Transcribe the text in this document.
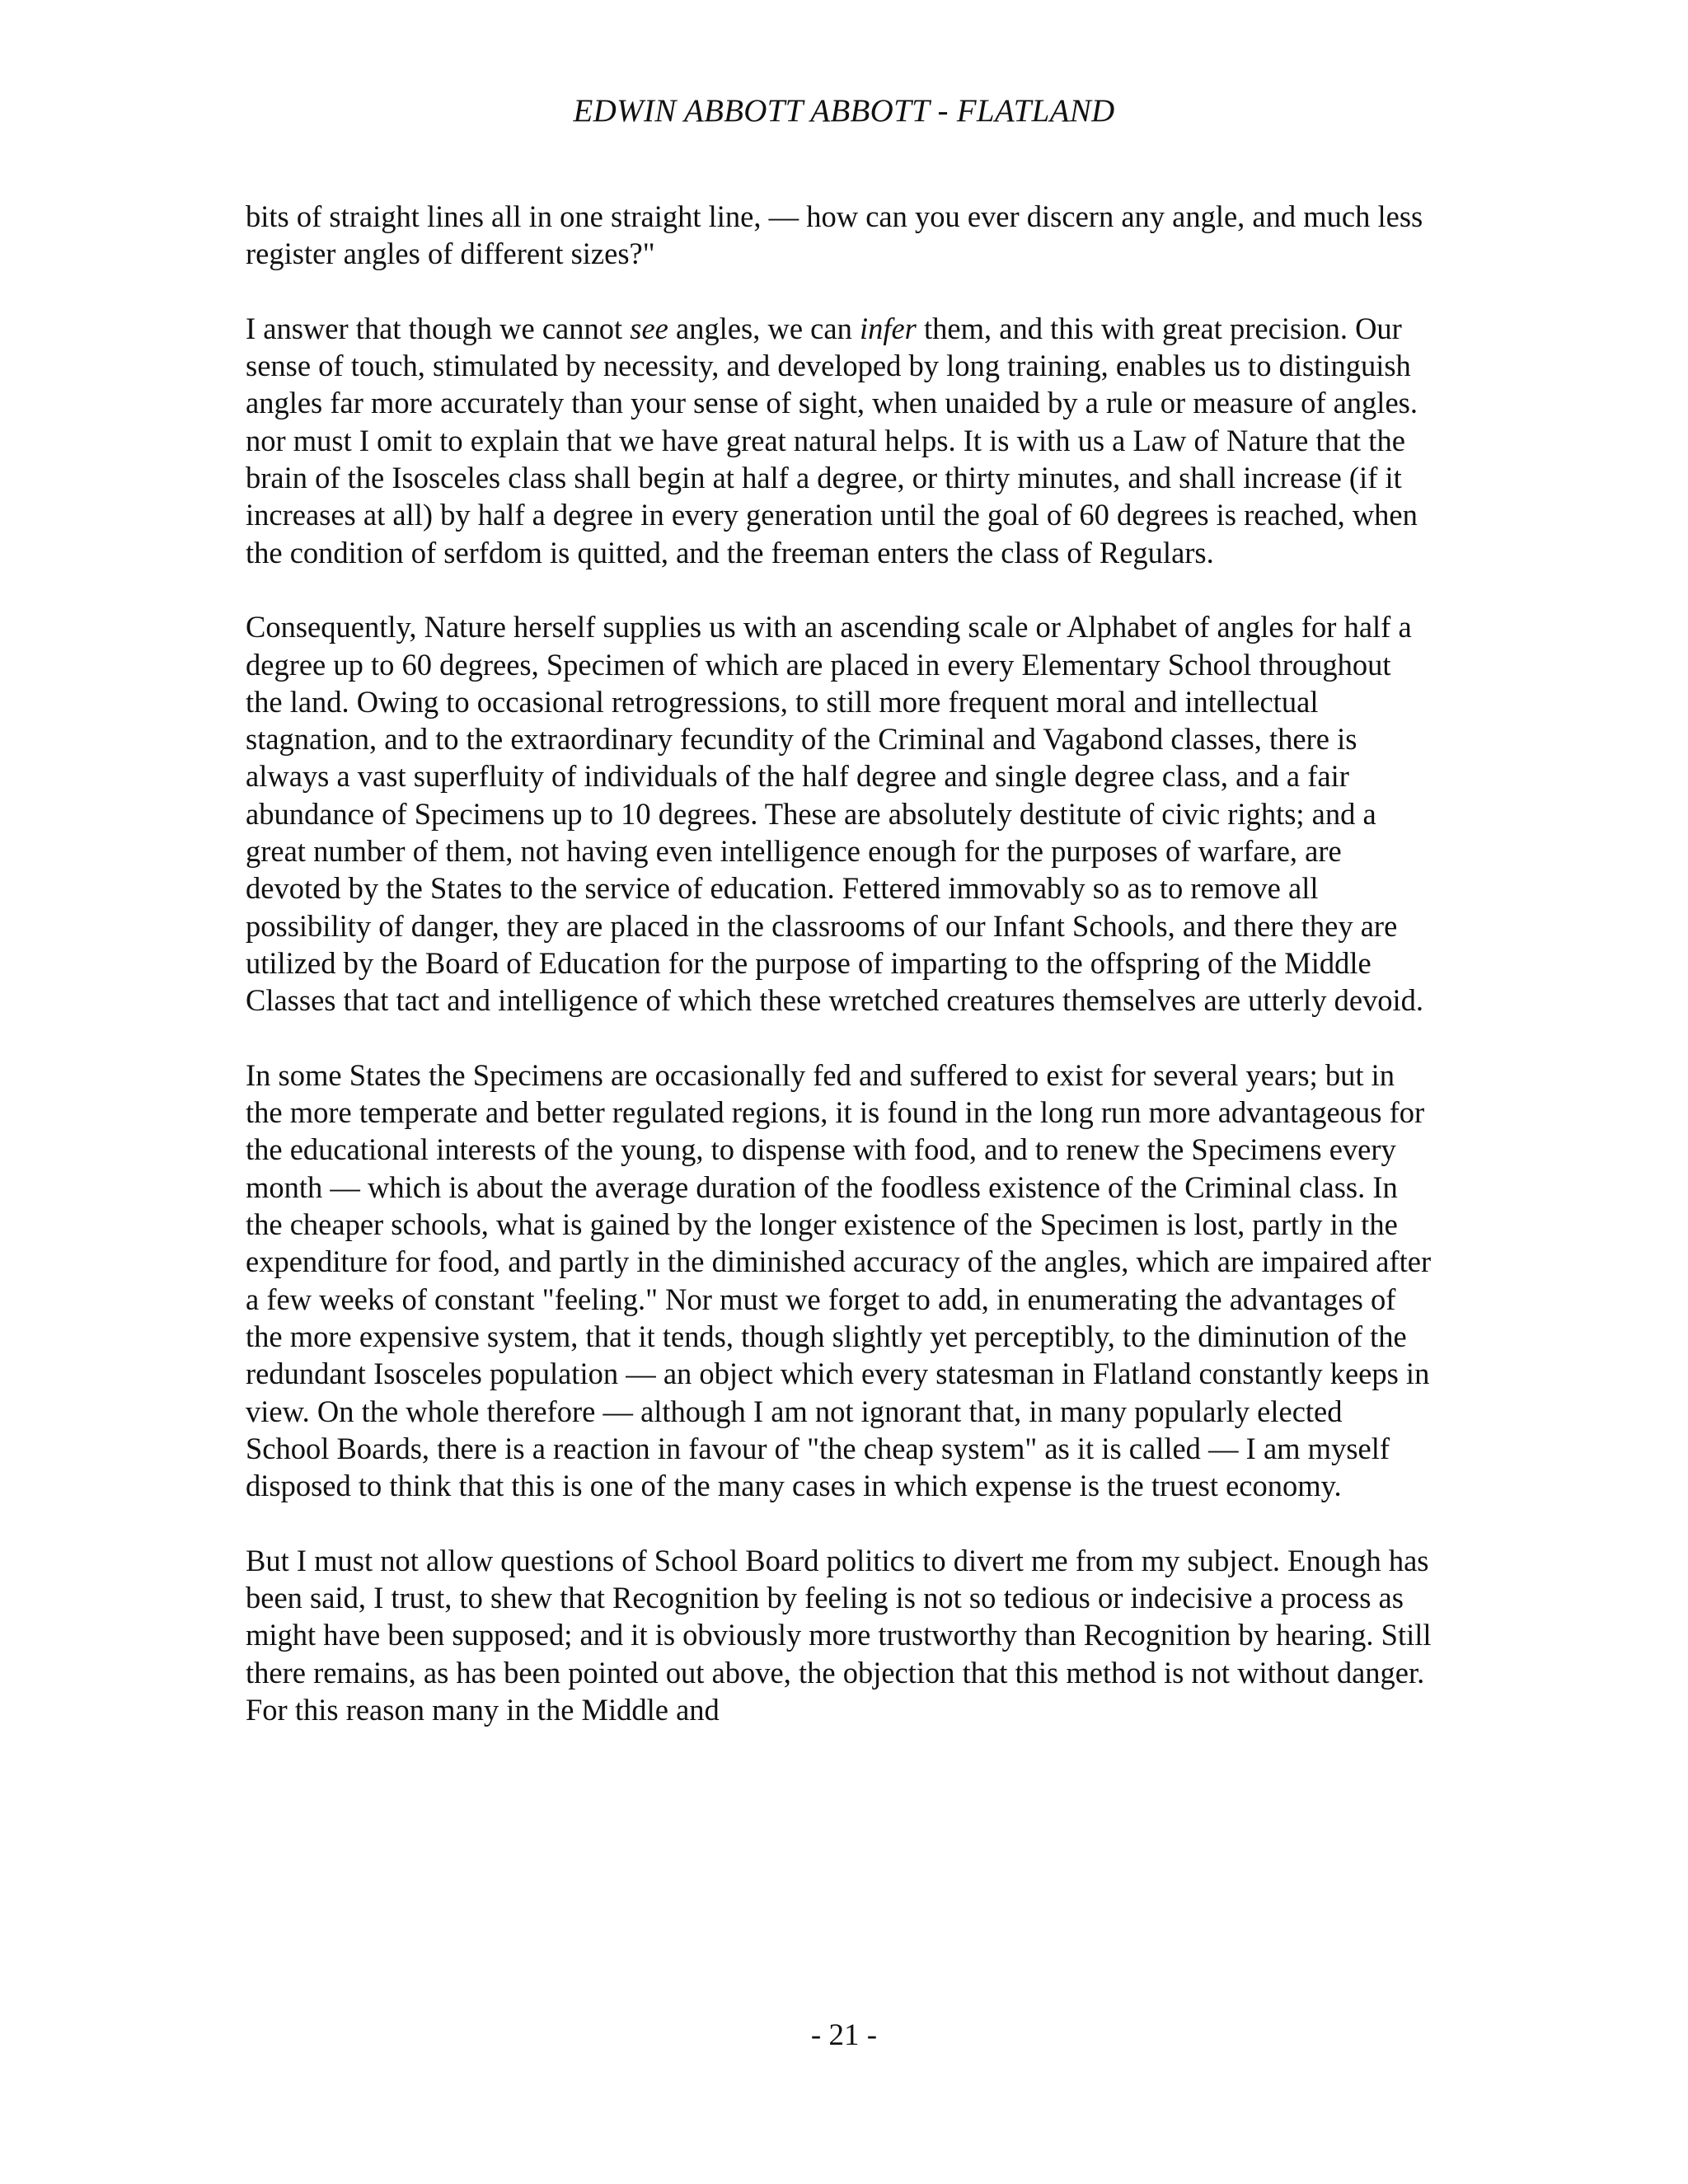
EDWIN ABBOTT ABBOTT - FLATLAND

bits of straight lines all in one straight line, — how can you ever discern any angle, and much less register angles of different sizes?"

I answer that though we cannot see angles, we can infer them, and this with great precision. Our sense of touch, stimulated by necessity, and developed by long training, enables us to distinguish angles far more accurately than your sense of sight, when unaided by a rule or measure of angles. nor must I omit to explain that we have great natural helps. It is with us a Law of Nature that the brain of the Isosceles class shall begin at half a degree, or thirty minutes, and shall increase (if it increases at all) by half a degree in every generation until the goal of 60 degrees is reached, when the condition of serfdom is quitted, and the freeman enters the class of Regulars.

Consequently, Nature herself supplies us with an ascending scale or Alphabet of angles for half a degree up to 60 degrees, Specimen of which are placed in every Elementary School throughout the land. Owing to occasional retrogressions, to still more frequent moral and intellectual stagnation, and to the extraordinary fecundity of the Criminal and Vagabond classes, there is always a vast superfluity of individuals of the half degree and single degree class, and a fair abundance of Specimens up to 10 degrees. These are absolutely destitute of civic rights; and a great number of them, not having even intelligence enough for the purposes of warfare, are devoted by the States to the service of education. Fettered immovably so as to remove all possibility of danger, they are placed in the classrooms of our Infant Schools, and there they are utilized by the Board of Education for the purpose of imparting to the offspring of the Middle Classes that tact and intelligence of which these wretched creatures themselves are utterly devoid.

In some States the Specimens are occasionally fed and suffered to exist for several years; but in the more temperate and better regulated regions, it is found in the long run more advantageous for the educational interests of the young, to dispense with food, and to renew the Specimens every month — which is about the average duration of the foodless existence of the Criminal class. In the cheaper schools, what is gained by the longer existence of the Specimen is lost, partly in the expenditure for food, and partly in the diminished accuracy of the angles, which are impaired after a few weeks of constant "feeling." Nor must we forget to add, in enumerating the advantages of the more expensive system, that it tends, though slightly yet perceptibly, to the diminution of the redundant Isosceles population — an object which every statesman in Flatland constantly keeps in view. On the whole therefore — although I am not ignorant that, in many popularly elected School Boards, there is a reaction in favour of "the cheap system" as it is called — I am myself disposed to think that this is one of the many cases in which expense is the truest economy.

But I must not allow questions of School Board politics to divert me from my subject. Enough has been said, I trust, to shew that Recognition by feeling is not so tedious or indecisive a process as might have been supposed; and it is obviously more trustworthy than Recognition by hearing. Still there remains, as has been pointed out above, the objection that this method is not without danger. For this reason many in the Middle and

- 21 -
